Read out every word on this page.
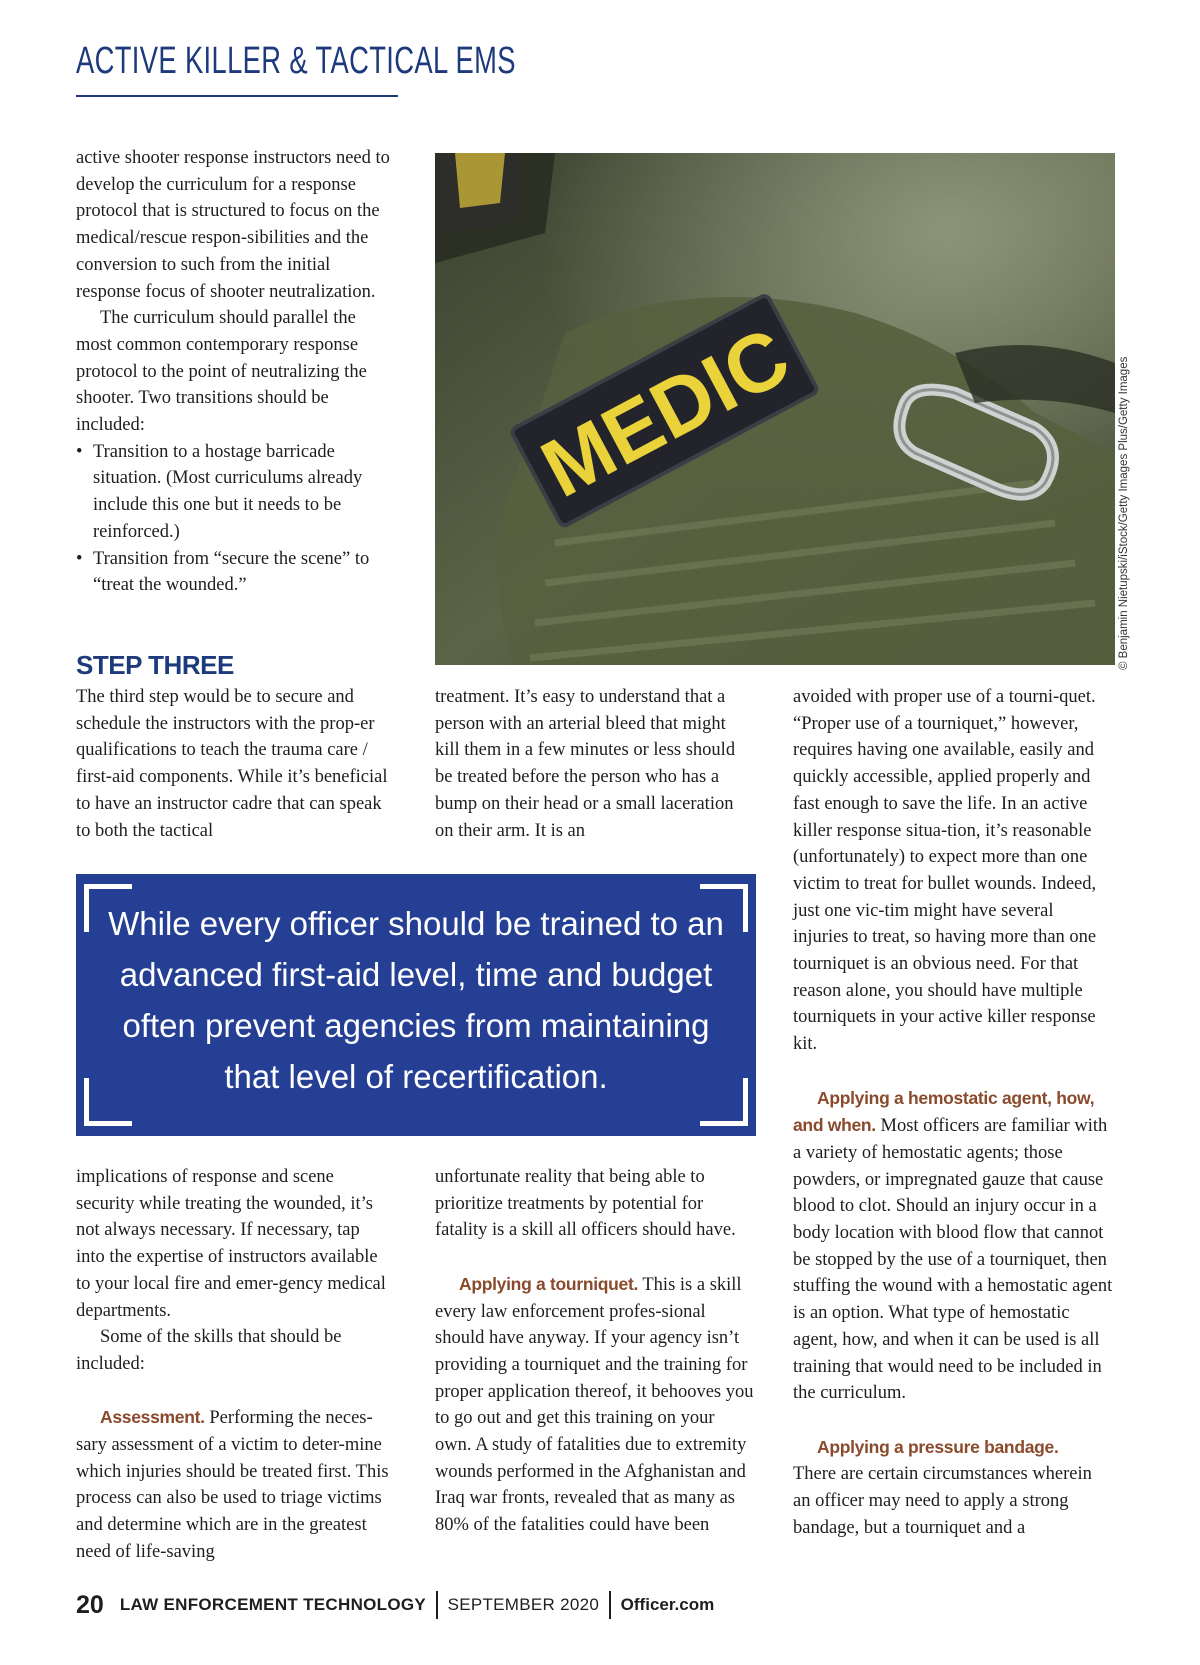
ACTIVE KILLER & TACTICAL EMS

active shooter response instructors need to develop the curriculum for a response protocol that is structured to focus on the medical/rescue respon-sibilities and the conversion to such from the initial response focus of shooter neutralization.

The curriculum should parallel the most common contemporary response protocol to the point of neutralizing the shooter. Two transitions should be included:

• Transition to a hostage barricade situation. (Most curriculums already include this one but it needs to be reinforced.)
• Transition from “secure the scene” to “treat the wounded.”
STEP THREE

The third step would be to secure and schedule the instructors with the prop-er qualifications to teach the trauma care / first-aid components. While it’s beneficial to have an instructor cadre that can speak to both the tactical

MEDIC	© Benjamin Nietupski/iStock/Getty Images Plus/Getty Images

treatment. It’s easy to understand that a person with an arterial bleed that might kill them in a few minutes or less should be treated before the person who has a bump on their head or a small laceration on their arm. It is an

avoided with proper use of a tourni-quet. “Proper use of a tourniquet,” however, requires having one available, easily and quickly accessible, applied properly and fast enough to save the life. In an active killer response situa-tion, it’s reasonable (unfortunately) to expect more than one victim to treat for bullet wounds. Indeed, just one vic-tim might have several injuries to treat, so having more than one tourniquet is an obvious need. For that reason alone, you should have multiple tourniquets in your active killer response kit.

Applying a hemostatic agent, how, and when. Most officers are familiar with a variety of hemostatic agents; those powders, or impregnated gauze that cause blood to clot. Should an injury occur in a body location with blood flow that cannot be stopped by the use of a tourniquet, then stuffing the wound with a hemostatic agent is an option. What type of hemostatic agent, how, and when it can be used is all training that would need to be included in the curriculum.

Applying a pressure bandage.

There are certain circumstances wherein an officer may need to apply a strong bandage, but a tourniquet and a

While every officer should be trained to an advanced first-aid level, time and budget often prevent agencies from maintaining that level of recertification.

implications of response and scene security while treating the wounded, it’s not always necessary. If necessary, tap into the expertise of instructors available to your local fire and emer-gency medical departments.

Some of the skills that should be included:

Assessment. Performing the neces-sary assessment of a victim to deter-mine which injuries should be treated first. This process can also be used to triage victims and determine which are in the greatest need of life-saving

unfortunate reality that being able to prioritize treatments by potential for fatality is a skill all officers should have.

Applying a tourniquet. This is a skill every law enforcement profes-sional should have anyway. If your agency isn’t providing a tourniquet and the training for proper application thereof, it behooves you to go out and get this training on your own. A study of fatalities due to extremity wounds performed in the Afghanistan and Iraq war fronts, revealed that as many as 80% of the fatalities could have been

20 LAW ENFORCEMENT TECHNOLOGY SEPTEMBER 2020 Officer.com
